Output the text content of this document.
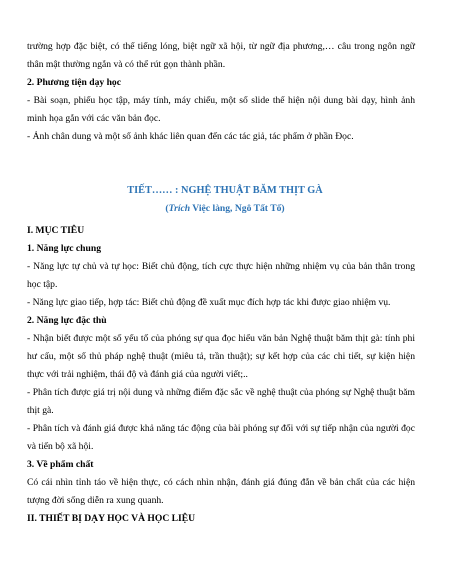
trường hợp đặc biệt, có thể tiếng lóng, biệt ngữ xã hội, từ ngữ địa phương,… câu trong ngôn ngữ thân mật thường ngắn và có thể rút gọn thành phần.

2. Phương tiện dạy học

- Bài soạn, phiếu học tập, máy tính, máy chiếu, một số slide thể hiện nội dung bài dạy, hình ảnh minh họa gắn với các văn bản đọc.

- Ảnh chân dung và một số ảnh khác liên quan đến các tác giả, tác phẩm ở phần Đọc.

TIẾT…… : NGHỆ THUẬT BĂM THỊT GÀ
(Trích Việc làng, Ngô Tất Tố)

I. MỤC TIÊU

1. Năng lực chung

- Năng lực tự chủ và tự học: Biết chủ động, tích cực thực hiện những nhiệm vụ của bản thân trong học tập.

- Năng lực giao tiếp, hợp tác: Biết chủ động đề xuất mục đích hợp tác khi được giao nhiệm vụ.

2. Năng lực đặc thù

- Nhận biết được một số yếu tố của phóng sự qua đọc hiểu văn bản Nghệ thuật băm thịt gà: tính phi hư cấu, một số thủ pháp nghệ thuật (miêu tả, trần thuật); sự kết hợp của các chi tiết, sự kiện hiện thực với trải nghiệm, thái độ và đánh giá của người viết;..

- Phân tích được giá trị nội dung và những điểm đặc sắc về nghệ thuật của phóng sự Nghệ thuật băm thịt gà.

- Phân tích và đánh giá được khả năng tác động của bài phóng sự đối với sự tiếp nhận của người đọc và tiến bộ xã hội.

3. Về phẩm chất

Có cái nhìn tỉnh táo về hiện thực, có cách nhìn nhận, đánh giá đúng đắn về bản chất của các hiện tượng đời sống diễn ra xung quanh.

II. THIẾT BỊ DẠY HỌC VÀ HỌC LIỆU
